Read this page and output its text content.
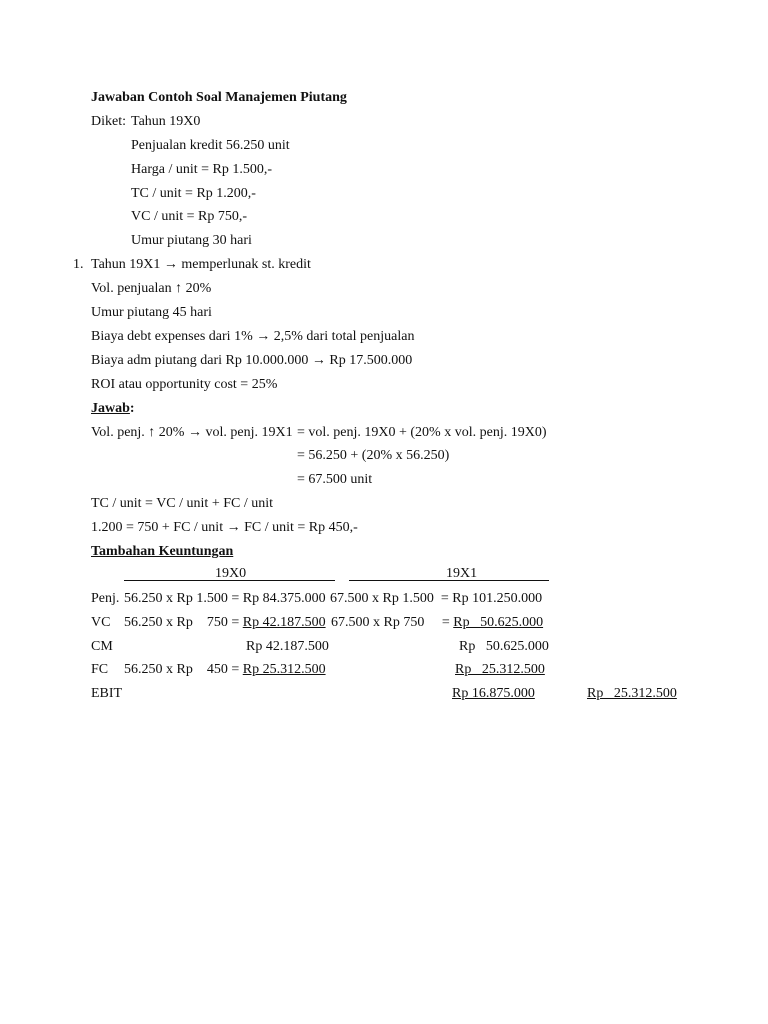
Jawaban Contoh Soal Manajemen Piutang
Diket: Tahun 19X0
Penjualan kredit 56.250 unit
Harga / unit = Rp 1.500,-
TC / unit = Rp 1.200,-
VC / unit = Rp 750,-
Umur piutang 30 hari
1. Tahun 19X1 → memperlunak st. kredit
Vol. penjualan ↑ 20%
Umur piutang 45 hari
Biaya debt expenses dari 1% → 2,5% dari total penjualan
Biaya adm piutang dari Rp 10.000.000 → Rp 17.500.000
ROI atau opportunity cost = 25%
Jawab:
Vol. penj. ↑ 20% → vol. penj. 19X1 = vol. penj. 19X0 + (20% x vol. penj. 19X0)
= 56.250 + (20% x 56.250)
= 67.500 unit
TC / unit = VC / unit + FC / unit
1.200 = 750 + FC / unit → FC / unit = Rp 450,-
Tambahan Keuntungan
19X0	19X1
Penj. 56.250 x Rp 1.500 = Rp 84.375.000 67.500 x Rp 1.500  = Rp 101.250.000
VC 56.250 x Rp    750 = Rp 42.187.500 67.500 x Rp 750     = Rp   50.625.000
CM	Rp 42.187.500	Rp   50.625.000
FC 56.250 x Rp    450 = Rp 25.312.500	Rp   25.312.500
EBIT	Rp 16.875.000	Rp   25.312.500
